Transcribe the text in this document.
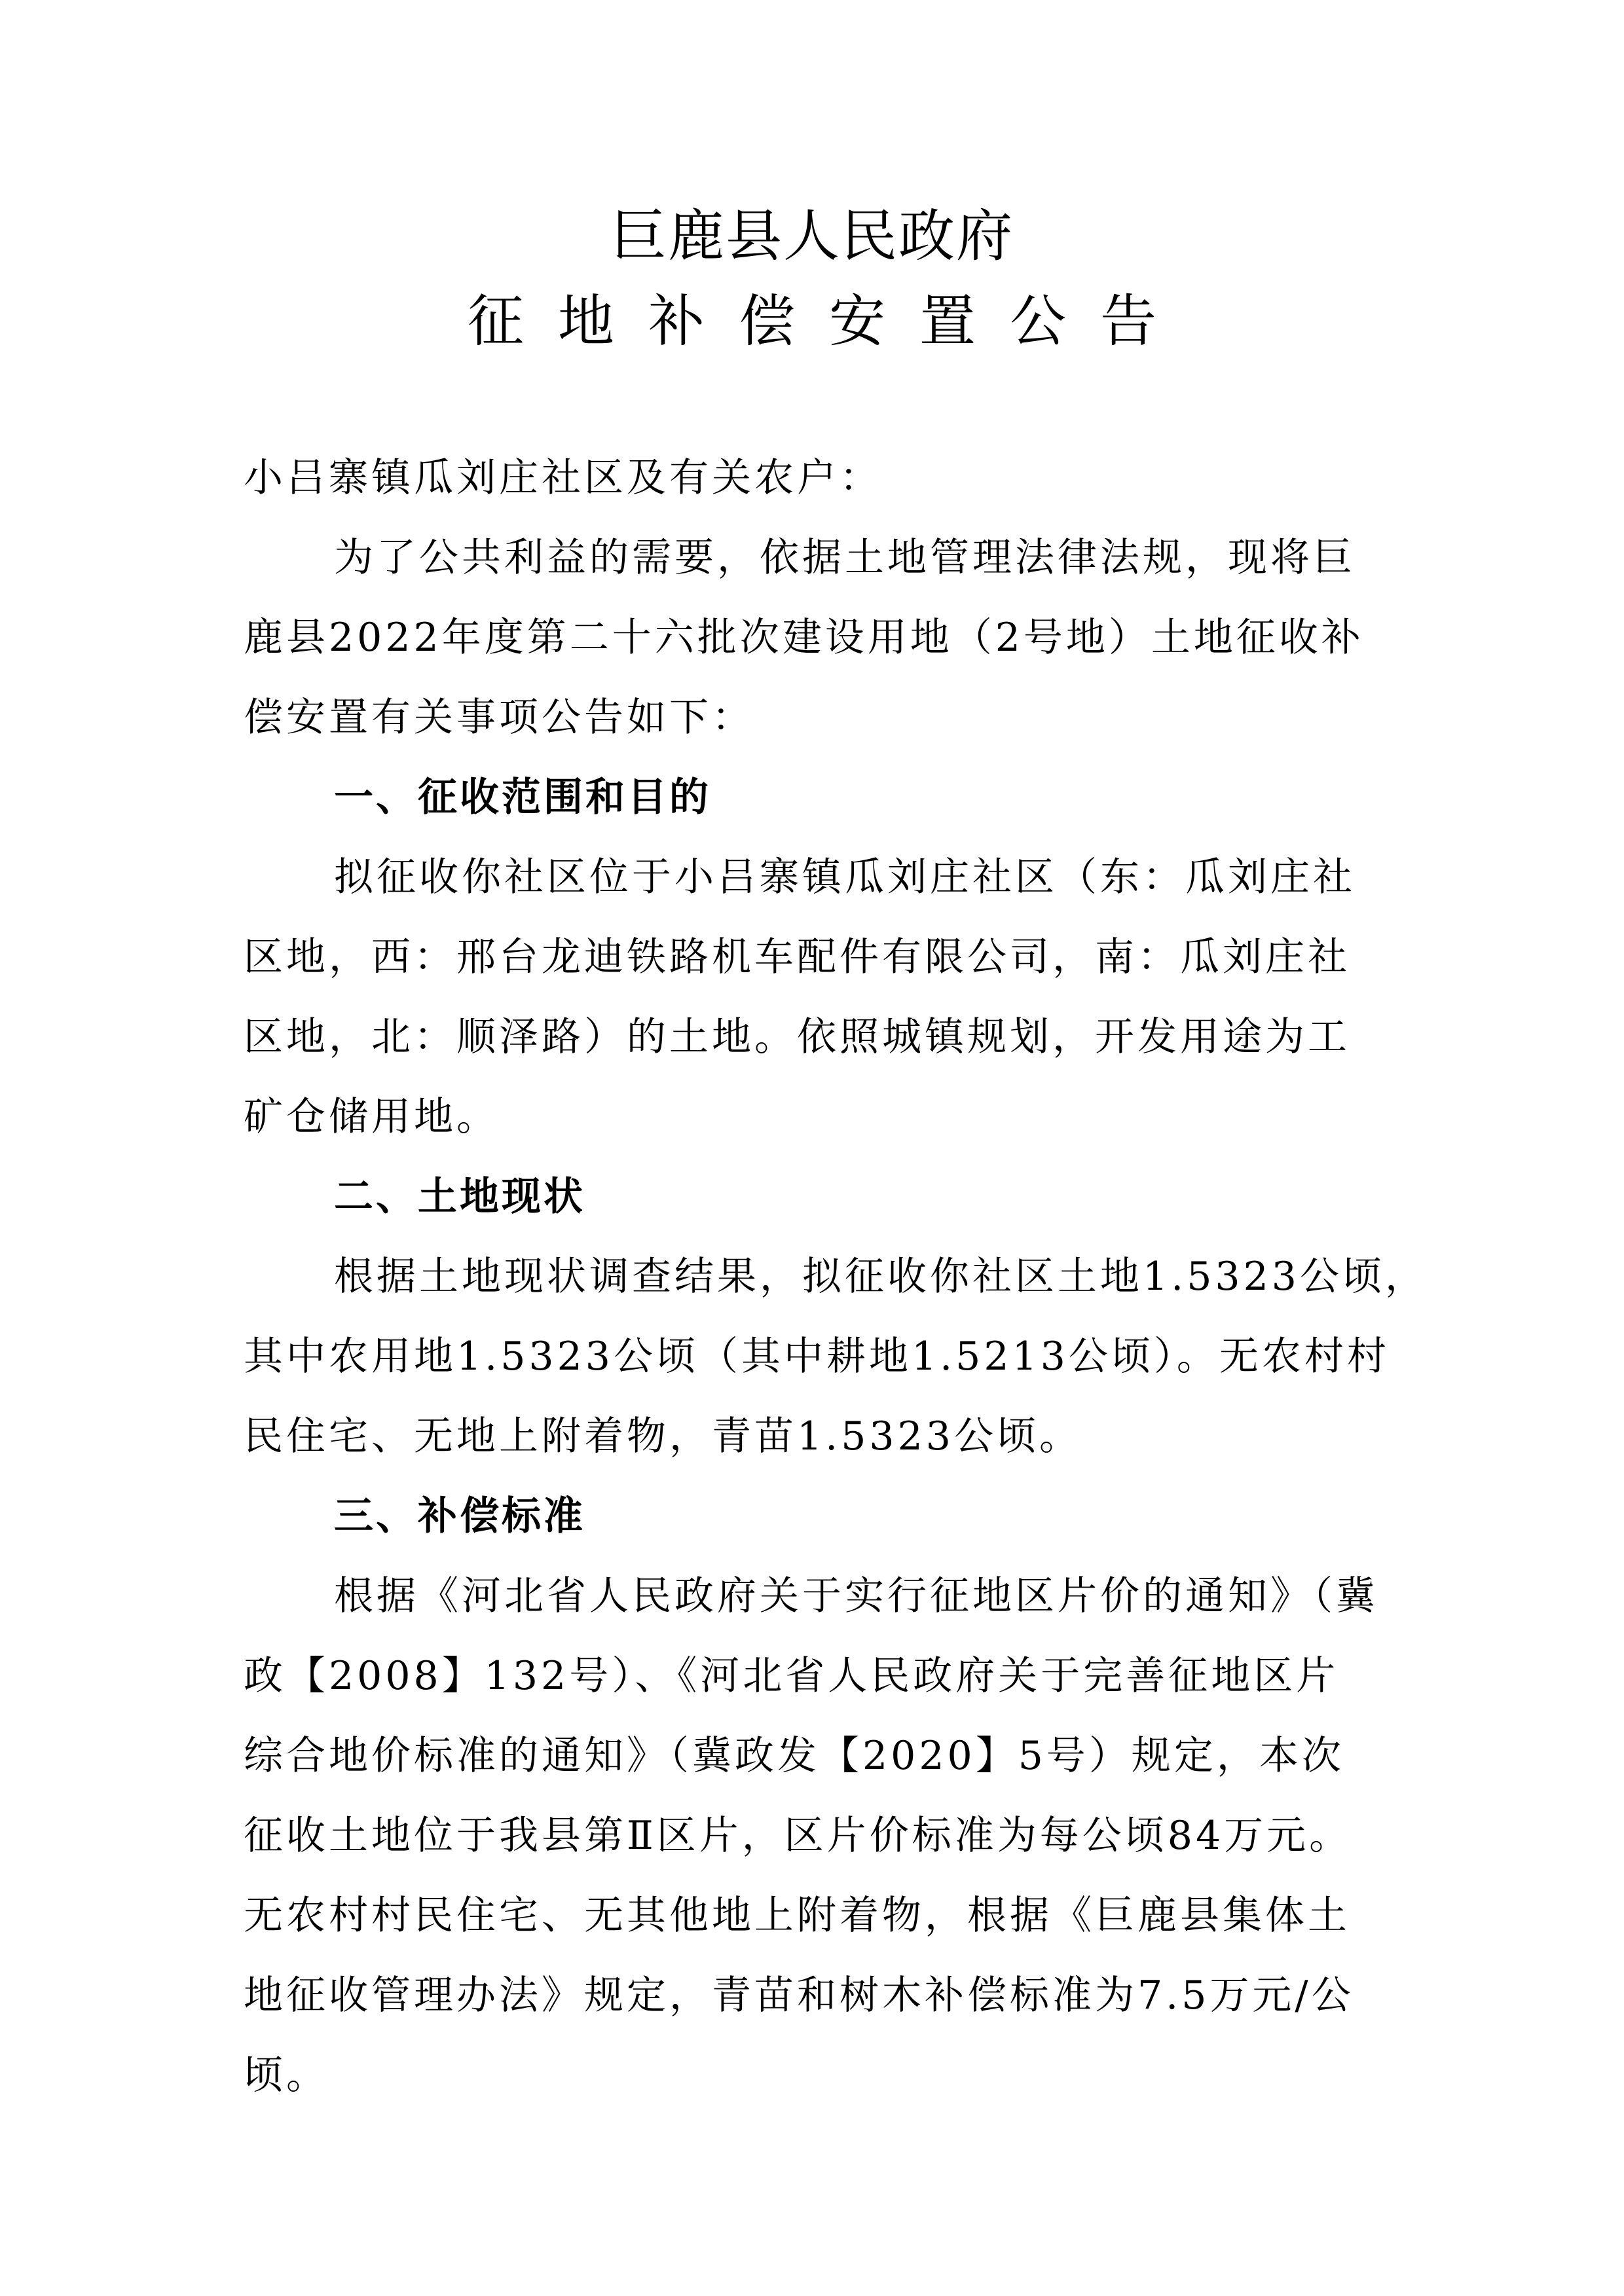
巨鹿县人民政府
征地补偿安置公告
小吕寨镇瓜刘庄社区及有关农户：
为了公共利益的需要，依据土地管理法律法规，现将巨
鹿县2022年度第二十六批次建设用地（2号地）土地征收补
偿安置有关事项公告如下：
一、征收范围和目的
拟征收你社区位于小吕寨镇瓜刘庄社区（东：瓜刘庄社
区地，西：邢台龙迪铁路机车配件有限公司，南：瓜刘庄社
区地，北：顺泽路）的土地。依照城镇规划，开发用途为工
矿仓储用地。
二、土地现状
根据土地现状调查结果，拟征收你社区土地1.5323公顷，
其中农用地1.5323公顷（其中耕地1.5213公顷）。无农村村
民住宅、无地上附着物，青苗1.5323公顷。
三、补偿标准
根据《河北省人民政府关于实行征地区片价的通知》（冀
政【2008】132号）、《河北省人民政府关于完善征地区片
综合地价标准的通知》（冀政发【2020】5号）规定，本次
征收土地位于我县第Ⅱ区片，区片价标准为每公顷84万元。
无农村村民住宅、无其他地上附着物，根据《巨鹿县集体土
地征收管理办法》规定，青苗和树木补偿标准为7.5万元/公
顷。
